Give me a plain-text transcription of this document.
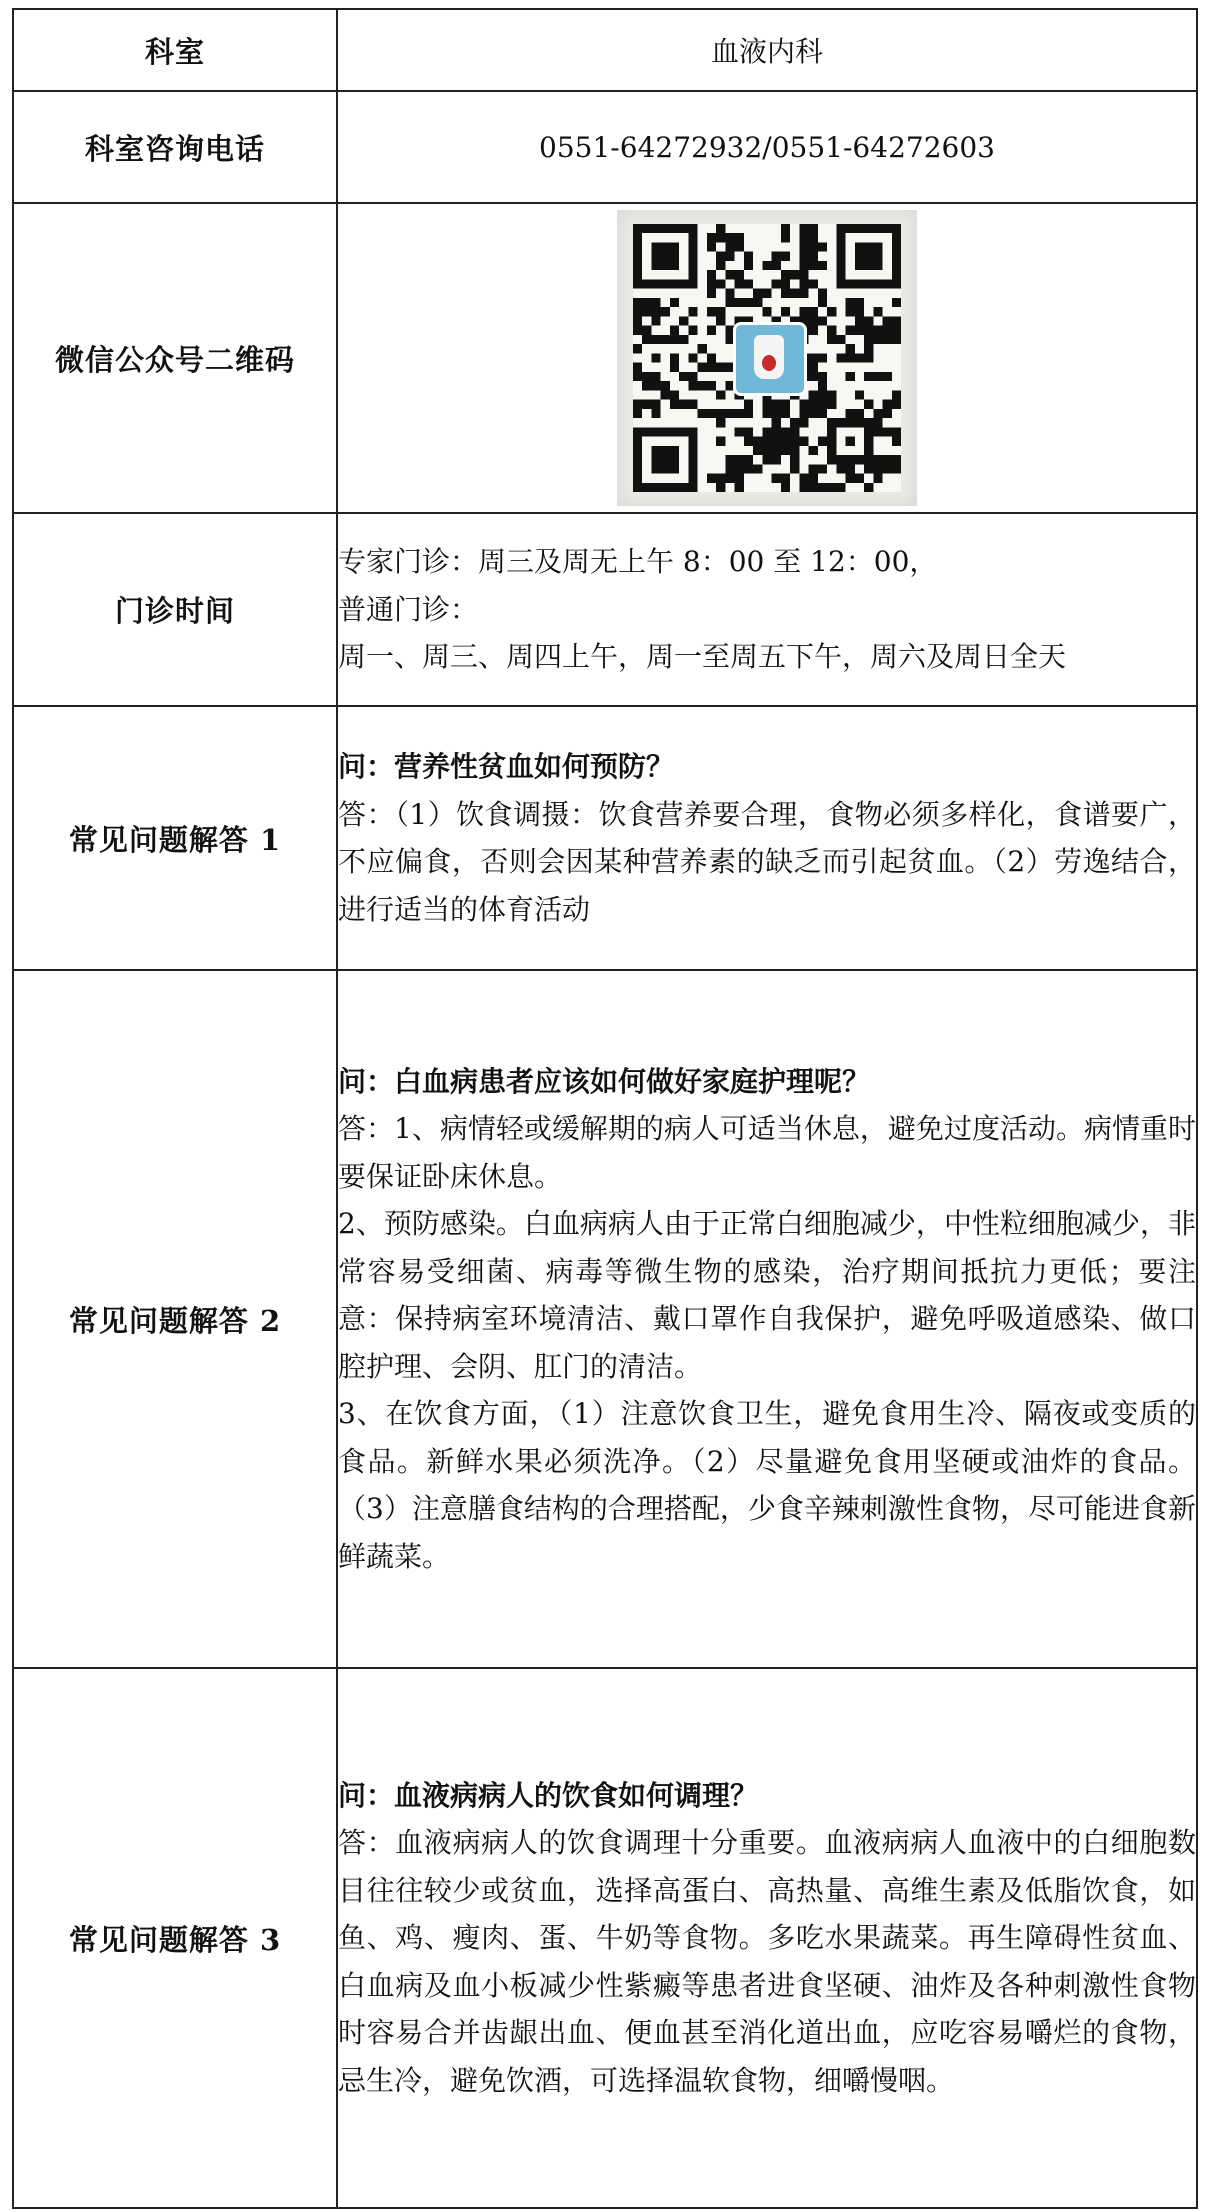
科室	血液内科
科室咨询电话	0551-64272932/0551-64272603
微信公众号二维码	

门诊时间	专家门诊：周三及周无上午 8：00 至 12：00，

普通门诊：

周一、周三、周四上午，周一至周五下午，周六及周日全天

常见问题解答 1	问：营养性贫血如何预防？

答：（1）饮食调摄：饮食营养要合理，食物必须多样化，食谱要广，不应偏食，否则会因某种营养素的缺乏而引起贫血。（2）劳逸结合，进行适当的体育活动

常见问题解答 2	问：白血病患者应该如何做好家庭护理呢？

答：1、病情轻或缓解期的病人可适当休息，避免过度活动。病情重时要保证卧床休息。

2、预防感染。白血病病人由于正常白细胞减少，中性粒细胞减少，非常容易受细菌、病毒等微生物的感染，治疗期间抵抗力更低；要注意：保持病室环境清洁、戴口罩作自我保护，避免呼吸道感染、做口腔护理、会阴、肛门的清洁。

3、在饮食方面，（1）注意饮食卫生，避免食用生冷、隔夜或变质的食品。新鲜水果必须洗净。（2）尽量避免食用坚硬或油炸的食品。（3）注意膳食结构的合理搭配，少食辛辣刺激性食物，尽可能进食新鲜蔬菜。

常见问题解答 3	问：血液病病人的饮食如何调理？

答：血液病病人的饮食调理十分重要。血液病病人血液中的白细胞数目往往较少或贫血，选择高蛋白、高热量、高维生素及低脂饮食，如鱼、鸡、瘦肉、蛋、牛奶等食物。多吃水果蔬菜。再生障碍性贫血、白血病及血小板减少性紫癜等患者进食坚硬、油炸及各种刺激性食物时容易合并齿龈出血、便血甚至消化道出血，应吃容易嚼烂的食物，忌生冷，避免饮酒，可选择温软食物，细嚼慢咽。
